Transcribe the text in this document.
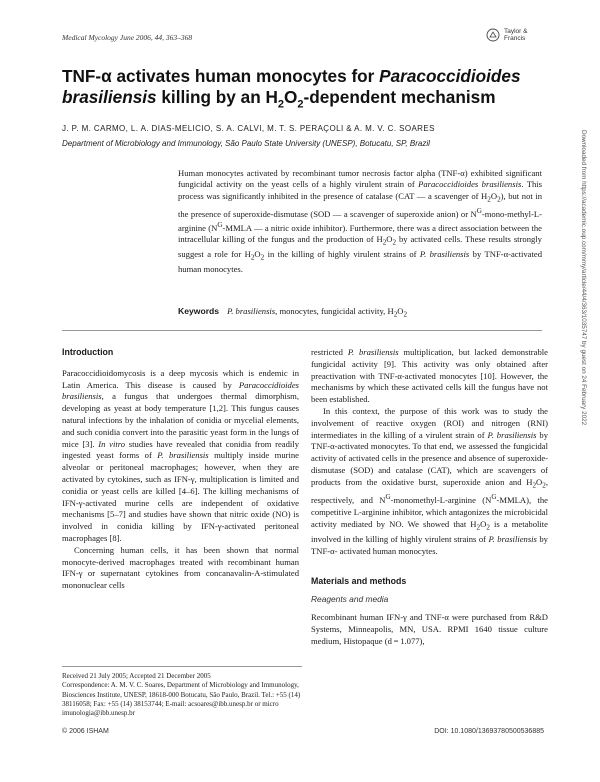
Medical Mycology June 2006, 44, 363–368
Taylor & Francis
TNF-α activates human monocytes for Paracoccidioides
brasiliensis killing by an $H_2O_2$-dependent mechanism
J. P. M. CARMO, L. A. DIAS-MELICIO, S. A. CALVI, M. T. S. PERAÇOLI & A. M. V. C. SOARES
Department of Microbiology and Immunology, São Paulo State University (UNESP), Botucatu, SP, Brazil

Human monocytes activated by recombinant tumor necrosis factor alpha (TNF-α) exhibited significant fungicidal activity on the yeast cells of a highly virulent strain of Paracoccidioides brasiliensis. This process was significantly inhibited in the presence of catalase (CAT — a scavenger of $H_2O_2$), but not in the presence of superoxide-dismutase (SOD — a scavenger of superoxide anion) or $N^G-mono-methyl-L$-arginine ($N^G$-MMLA — a nitric oxide inhibitor). Furthermore, there was a direct association between the intracellular killing of the fungus and the production of $H_2O_2$ by activated cells. These results strongly suggest a role for $H_2O_2$ in the killing of highly virulent strains of P. brasiliensis by TNF-α-activated human monocytes.

Keywords P. brasiliensis, monocytes, fungicidal activity, $H_2O_2$
Introduction

Paracoccidioidomycosis is a deep mycosis which is endemic in Latin America. This disease is caused by Paracoccidioides brasiliensis, a fungus that undergoes thermal dimorphism, developing as yeast at body temperature [1,2]. This fungus causes natural infections by the inhalation of conidia or mycelial elements, and such conidia convert into the parasitic yeast form in the lungs of mice [3]. In vitro studies have revealed that conidia from readily ingested yeast forms of P. brasiliensis multiply inside murine alveolar or peritoneal macrophages; however, when they are activated by cytokines, such as IFN-γ, multiplication is limited and conidia or yeast cells are killed [4–6]. The killing mechanisms of IFN-γ-activated murine cells are independent of oxidative mechanisms [5–7] and studies have shown that nitric oxide (NO) is involved in conidia killing by IFN-γ-activated peritoneal macrophages [8].

Concerning human cells, it has been shown that normal monocyte-derived macrophages treated with recombinant human IFN-γ or supernatant cytokines from concanavalin-A-stimulated mononuclear cells

Received 21 July 2005; Accepted 21 December 2005
Correspondence: A. M. V. C. Soares, Department of Microbiology and Immunology, Biosciences Institute, UNESP, 18618-000 Botucatu, São Paulo, Brazil. Tel.: +55 (14) 38116058; Fax: +55 (14) 38153744; E-mail: acsoares@ibb.unesp.br or micro imunologia@ibb.unesp.br

restricted P. brasiliensis multiplication, but lacked demonstrable fungicidal activity [9]. This activity was only obtained after preactivation with TNF-α-activated monocytes [10]. However, the mechanisms by which these activated cells kill the fungus have not been established.

In this context, the purpose of this work was to study the involvement of reactive oxygen (ROI) and nitrogen (RNI) intermediates in the killing of a virulent strain of P. brasiliensis by TNF-α-activated monocytes. To that end, we assessed the fungicidal activity of activated cells in the presence and absence of superoxide-dismutase (SOD) and catalase (CAT), which are scavengers of products from the oxidative burst, superoxide anion and $H_2O_2$, respectively, and $N^G-monomethyl-L$-arginine $(N^G-MMLA)$, the competitive L-arginine inhibitor, which antagonizes the microbicidal activity mediated by NO. We showed that $H_2O_2$ is a metabolite involved in the killing of highly virulent strains of P. brasiliensis by TNF-α- activated human monocytes.

Materials and methods
Reagents and media

Recombinant human IFN-γ and TNF-α were purchased from R&D Systems, Minneapolis, MN, USA. RPMI 1640 tissue culture medium, Histopaque (d = 1.077),

© 2006 ISHAM	DOI: 10.1080/13693780500536885
Downloaded from https://academic.oup.com/mmy/article/44/4/363/1035747 by guest on 24 February 2022
